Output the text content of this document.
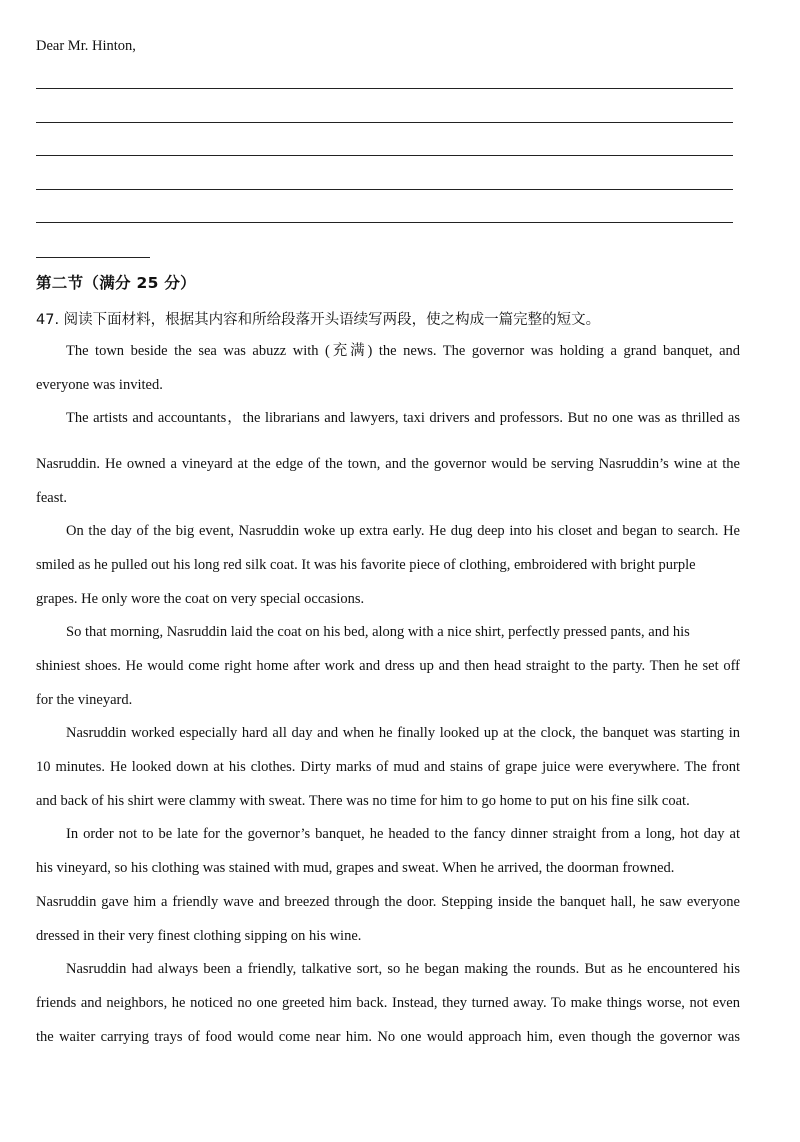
Dear Mr. Hinton,
第二节（满分 25 分）
47. 阅读下面材料，根据其内容和所给段落开头语续写两段，使之构成一篇完整的短文。
The town beside the sea was abuzz with (充满) the news. The governor was holding a grand banquet, and
everyone was invited.
The artists and accountants，the librarians and lawyers, taxi drivers and professors. But no one was as thrilled as
Nasruddin. He owned a vineyard at the edge of the town, and the governor would be serving Nasruddin’s wine at the
feast.
On the day of the big event, Nasruddin woke up extra early. He dug deep into his closet and began to search. He
smiled as he pulled out his long red silk coat. It was his favorite piece of clothing, embroidered with bright purple
grapes. He only wore the coat on very special occasions.
So that morning, Nasruddin laid the coat on his bed, along with a nice shirt, perfectly pressed pants, and his
shiniest shoes. He would come right home after work and dress up and then head straight to the party. Then he set off
for the vineyard.
Nasruddin worked especially hard all day and when he finally looked up at the clock, the banquet was starting in
10 minutes. He looked down at his clothes. Dirty marks of mud and stains of grape juice were everywhere. The front
and back of his shirt were clammy with sweat. There was no time for him to go home to put on his fine silk coat.
In order not to be late for the governor’s banquet, he headed to the fancy dinner straight from a long, hot day at
his vineyard, so his clothing was stained with mud, grapes and sweat. When he arrived, the doorman frowned.
Nasruddin gave him a friendly wave and breezed through the door. Stepping inside the banquet hall, he saw everyone
dressed in their very finest clothing sipping on his wine.
Nasruddin had always been a friendly, talkative sort, so he began making the rounds. But as he encountered his
friends and neighbors, he noticed no one greeted him back. Instead, they turned away. To make things worse, not even
the waiter carrying trays of food would come near him. No one would approach him, even though the governor was
